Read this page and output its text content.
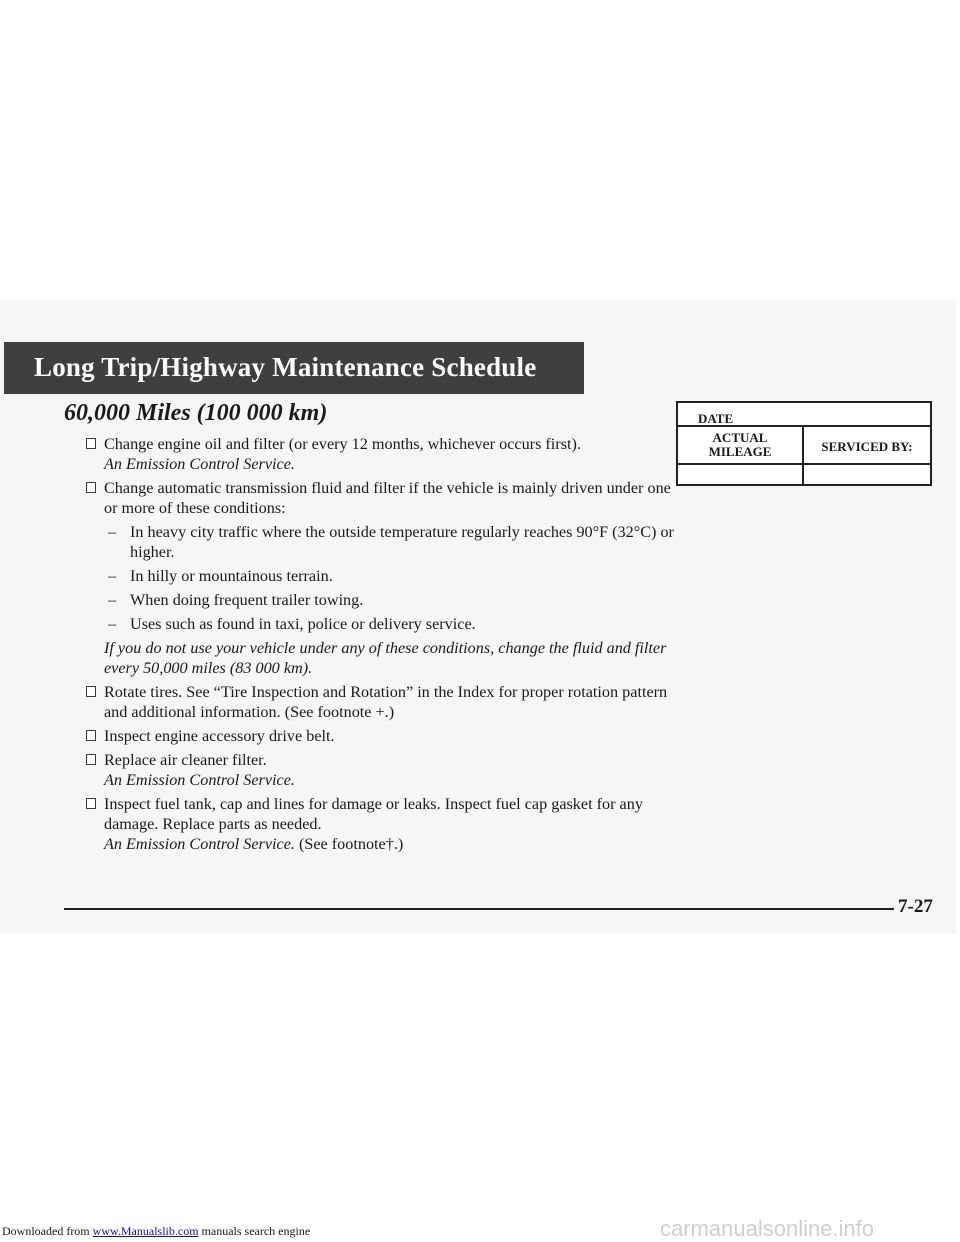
Downloaded from www.Manualslib.com manuals search engine	carmanualsonline.info
Long Trip/Highway Maintenance Schedule
60,000 Miles (100 000 km)
Change engine oil and filter (or every 12 months, whichever occurs first).
An Emission Control Service.
Change automatic transmission fluid and filter if the vehicle is mainly driven under one or more of these conditions:
– In heavy city traffic where the outside temperature regularly reaches 90°F (32°C) or higher.
– In hilly or mountainous terrain.
– When doing frequent trailer towing.
– Uses such as found in taxi, police or delivery service.
If you do not use your vehicle under any of these conditions, change the fluid and filter every 50,000 miles (83 000 km).
Rotate tires. See “Tire Inspection and Rotation” in the Index for proper rotation pattern and additional information. (See footnote +.)
Inspect engine accessory drive belt.
Replace air cleaner filter.
An Emission Control Service.
Inspect fuel tank, cap and lines for damage or leaks. Inspect fuel cap gasket for any damage. Replace parts as needed.
An Emission Control Service. (See footnote†.)
DATE
ACTUAL
MILEAGE	SERVICED BY:
7-27
